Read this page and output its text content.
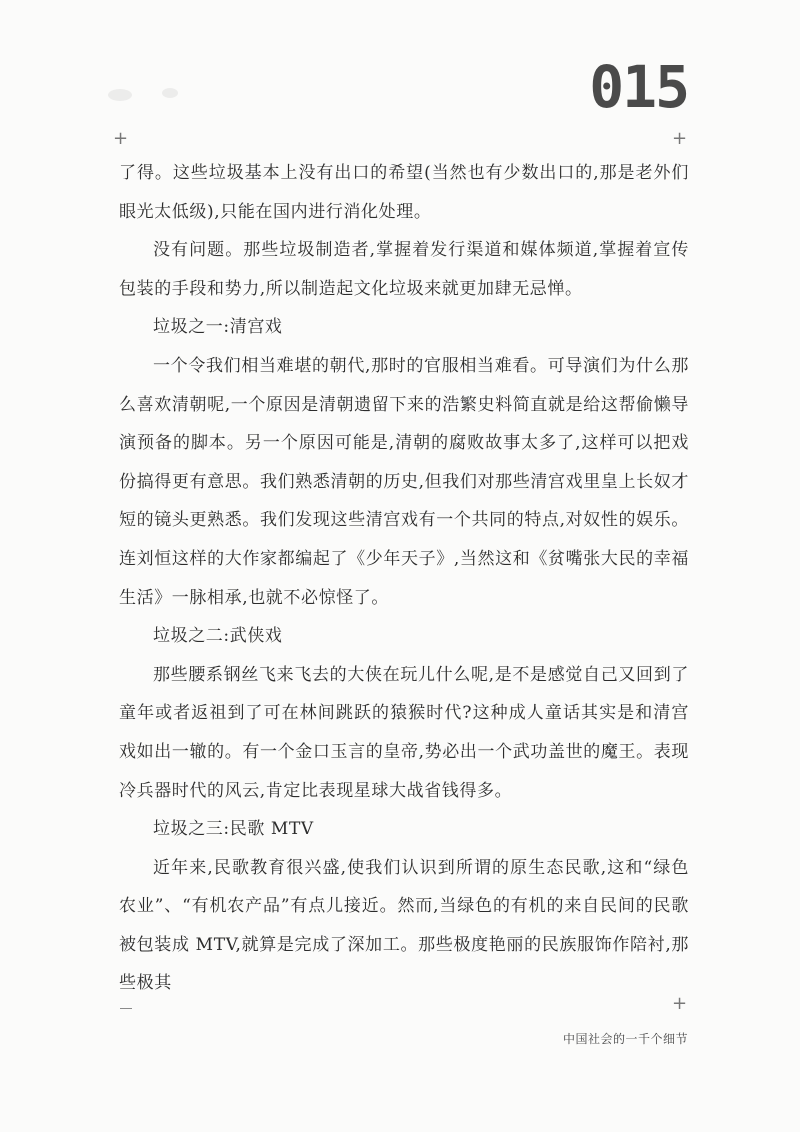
015
+	+
+

了得。这些垃圾基本上没有出口的希望(当然也有少数出口的,那是老外们眼光太低级),只能在国内进行消化处理。

没有问题。那些垃圾制造者,掌握着发行渠道和媒体频道,掌握着宣传包装的手段和势力,所以制造起文化垃圾来就更加肆无忌惮。

垃圾之一:清宫戏

一个令我们相当难堪的朝代,那时的官服相当难看。可导演们为什么那么喜欢清朝呢,一个原因是清朝遗留下来的浩繁史料简直就是给这帮偷懒导演预备的脚本。另一个原因可能是,清朝的腐败故事太多了,这样可以把戏份搞得更有意思。我们熟悉清朝的历史,但我们对那些清宫戏里皇上长奴才短的镜头更熟悉。我们发现这些清宫戏有一个共同的特点,对奴性的娱乐。连刘恒这样的大作家都编起了《少年天子》,当然这和《贫嘴张大民的幸福生活》一脉相承,也就不必惊怪了。

垃圾之二:武侠戏

那些腰系钢丝飞来飞去的大侠在玩儿什么呢,是不是感觉自己又回到了童年或者返祖到了可在林间跳跃的猿猴时代?这种成人童话其实是和清宫戏如出一辙的。有一个金口玉言的皇帝,势必出一个武功盖世的魔王。表现冷兵器时代的风云,肯定比表现星球大战省钱得多。

垃圾之三:民歌 MTV

近年来,民歌教育很兴盛,使我们认识到所谓的原生态民歌,这和“绿色农业”、“有机农产品”有点儿接近。然而,当绿色的有机的来自民间的民歌被包装成 MTV,就算是完成了深加工。那些极度艳丽的民族服饰作陪衬,那些极其

中国社会的一千个细节
